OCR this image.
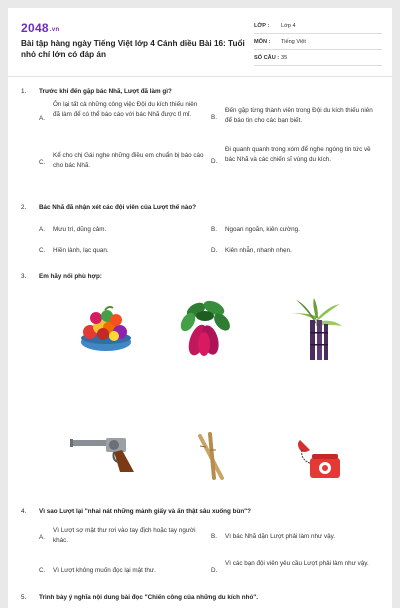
2048.vn
Bài tập hàng ngày Tiếng Việt lớp 4 Cánh diều Bài 16: Tuổi nhỏ chí lớn có đáp án
LỚP :	Lớp 4
MÔN :	Tiếng Việt
SỐ CÂU : 35
1. Trước khi đến gặp bác Nhã, Lượt đã làm gì?
A.
Ôn lại tất cả những công việc Đội du kích thiếu niên đã làm để có thể báo cáo với bác Nhã được tỉ mỉ.	B.
Đến gặp từng thành viên trong Đội du kích thiếu niên để báo tin cho các bạn biết.
C.
Kể cho chị Gái nghe những điều em chuẩn bị báo cáo cho bác Nhã.
D.
Đi quanh quanh trong xóm để nghe ngóng tin tức về bác Nhã và các chiến sĩ vùng du kích.
2. Bác Nhã đã nhận xét các đội viên của Lượt thế nào?
A.	Mưu trí, dũng cảm.	B.	Ngoan ngoãn, kiên cường.
C.	Hiền lành, lạc quan.	D.	Kiên nhẫn, nhanh nhẹn.
3. Em hãy nối phù hợp:
4. Vì sao Lượt lại "nhai nát những mảnh giấy và ấn thật sâu xuống bùn"?
A.
Vì Lượt sợ mật thư rơi vào tay địch hoặc tay người khác.	B.	Vì bác Nhã dặn Lượt phải làm như vậy.
C.	Vì Lượt không muốn đọc lại mật thư.	D.
Vì các bạn đội viên yêu cầu Lượt phải làm như vậy.
5. Trình bày ý nghĩa nội dung bài đọc "Chiến công của những du kích nhỏ".
